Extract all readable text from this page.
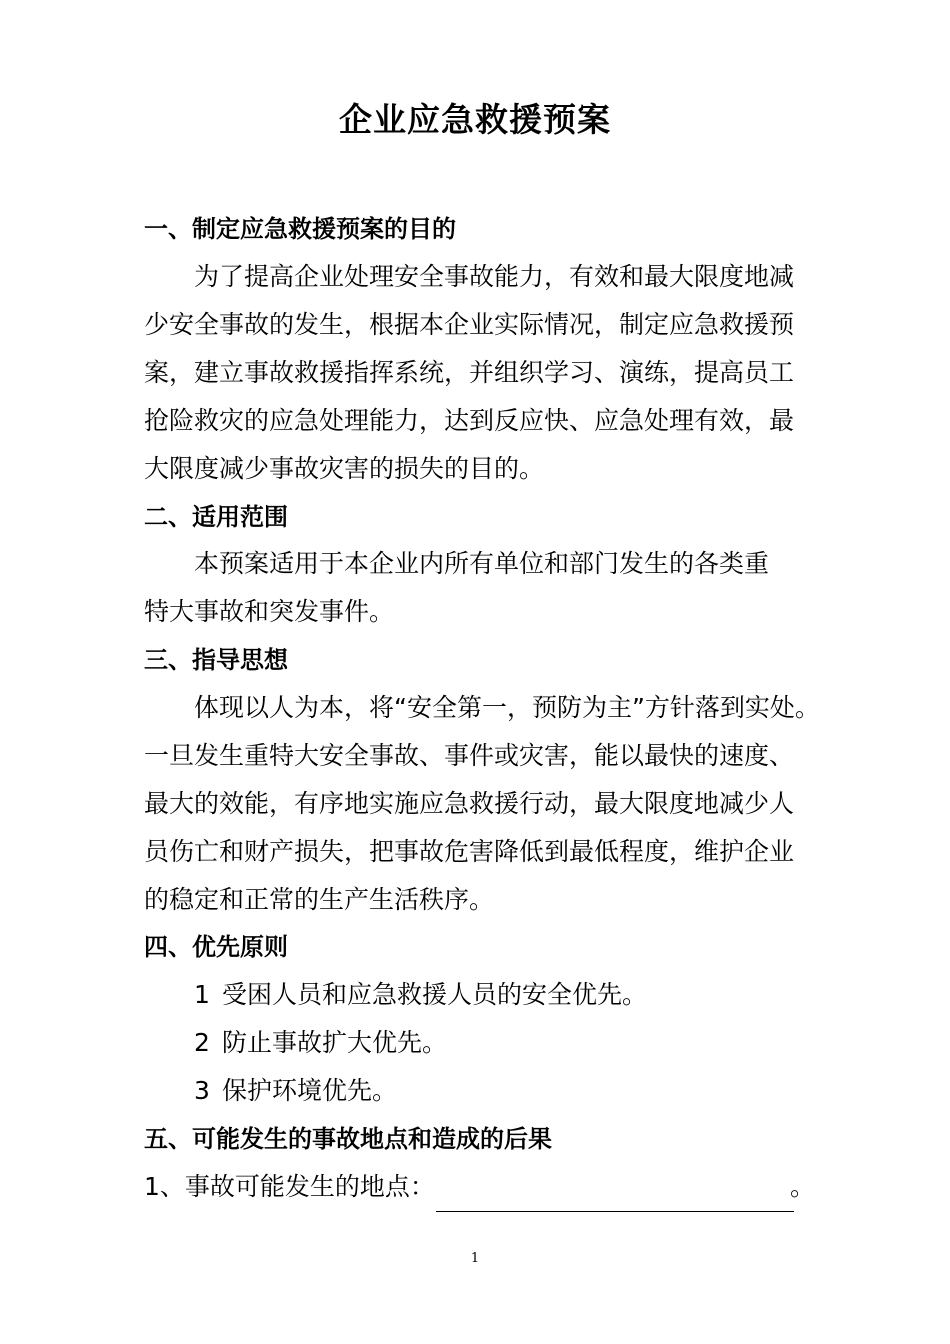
企业应急救援预案
一、制定应急救援预案的目的
为了提高企业处理安全事故能力，有效和最大限度地减
少安全事故的发生，根据本企业实际情况，制定应急救援预
案，建立事故救援指挥系统，并组织学习、演练，提高员工
抢险救灾的应急处理能力，达到反应快、应急处理有效，最
大限度减少事故灾害的损失的目的。
二、适用范围
本预案适用于本企业内所有单位和部门发生的各类重
特大事故和突发事件。
三、指导思想
体现以人为本，将“安全第一，预防为主”方针落到实处。
一旦发生重特大安全事故、事件或灾害，能以最快的速度、
最大的效能，有序地实施应急救援行动，最大限度地减少人
员伤亡和财产损失，把事故危害降低到最低程度，维护企业
的稳定和正常的生产生活秩序。
四、优先原则
1 受困人员和应急救援人员的安全优先。
2 防止事故扩大优先。
3 保护环境优先。
五、可能发生的事故地点和造成的后果
1、事故可能发生的地点：	。
1
